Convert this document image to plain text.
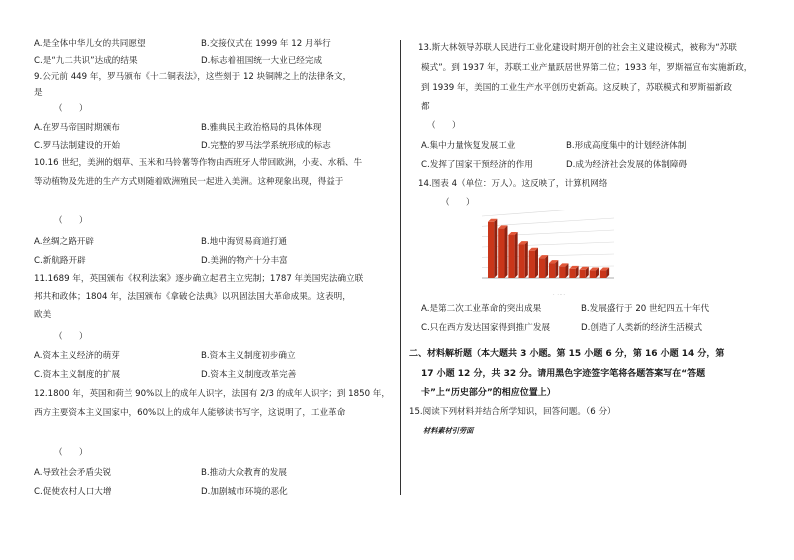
A.是全体中华儿女的共同愿望	B.交接仪式在 1999 年 12 月举行
C.是“九二共识”达成的结果	D.标志着祖国统一大业已经完成
9.公元前 449 年，罗马颁布《十二铜表法》，这些刻于 12 块铜牌之上的法律条文，
是
（      ）
A.在罗马帝国时期颁布	B.雅典民主政治格局的具体体现
C.罗马法制建设的开始	D.完整的罗马法学系统形成的标志
10.16 世纪，美洲的烟草、玉米和马铃薯等作物由西班牙人带回欧洲，小麦、水稻、牛
等动植物及先进的生产方式则随着欧洲殖民一起进入美洲。这种现象出现，得益于
（      ）
A.丝绸之路开辟	B.地中海贸易商道打通
C.新航路开辟	D.美洲的物产十分丰富
11.1689 年，英国颁布《权利法案》逐步确立起君主立宪制；1787 年美国宪法确立联
邦共和政体；1804 年，法国颁布《拿破仑法典》以巩固法国大革命成果。这表明，
欧美
（      ）
A.资本主义经济的萌芽	B.资本主义制度初步确立
C.资本主义制度的扩展	D.资本主义制度改革完善
12.1800 年，英国和荷兰 90%以上的成年人识字，法国有 2/3 的成年人识字；到 1850 年，
西方主要资本主义国家中，60%以上的成年人能够读书写字，这说明了，工业革命
（      ）
A.导致社会矛盾尖锐	B.推动大众教育的发展
C.促使农村人口大增	D.加剧城市环境的恶化
13.斯大林领导苏联人民进行工业化建设时期开创的社会主义建设模式，被称为“苏联
模式”。到 1937 年，苏联工业产量跃居世界第二位；1933 年，罗斯福宣布实施新政，
到 1939 年，美国的工业生产水平创历史新高。这反映了，苏联模式和罗斯福新政
都
（      ）
A.集中力量恢复发展工业	B.形成高度集中的计划经济体制
C.发挥了国家干预经济的作用	D.成为经济社会发展的体制障碍
14.图表 4（单位：万人）。这反映了，计算机网络
（      ）
A.是第二次工业革命的突出成果	B.发展盛行于 20 世纪四五十年代
C.只在西方发达国家得到推广发展	D.创造了人类新的经济生活模式
二、材料解析题（本大题共 3 小题。第 15 小题 6 分，第 16 小题 14 分，第
17 小题 12 分，共 32 分。请用黑色字迹签字笔将各题答案写在“答题
卡”上“历史部分”的相应位置上）
15.阅读下列材料并结合所学知识，回答问题。（6 分）
材料素材引劳面
